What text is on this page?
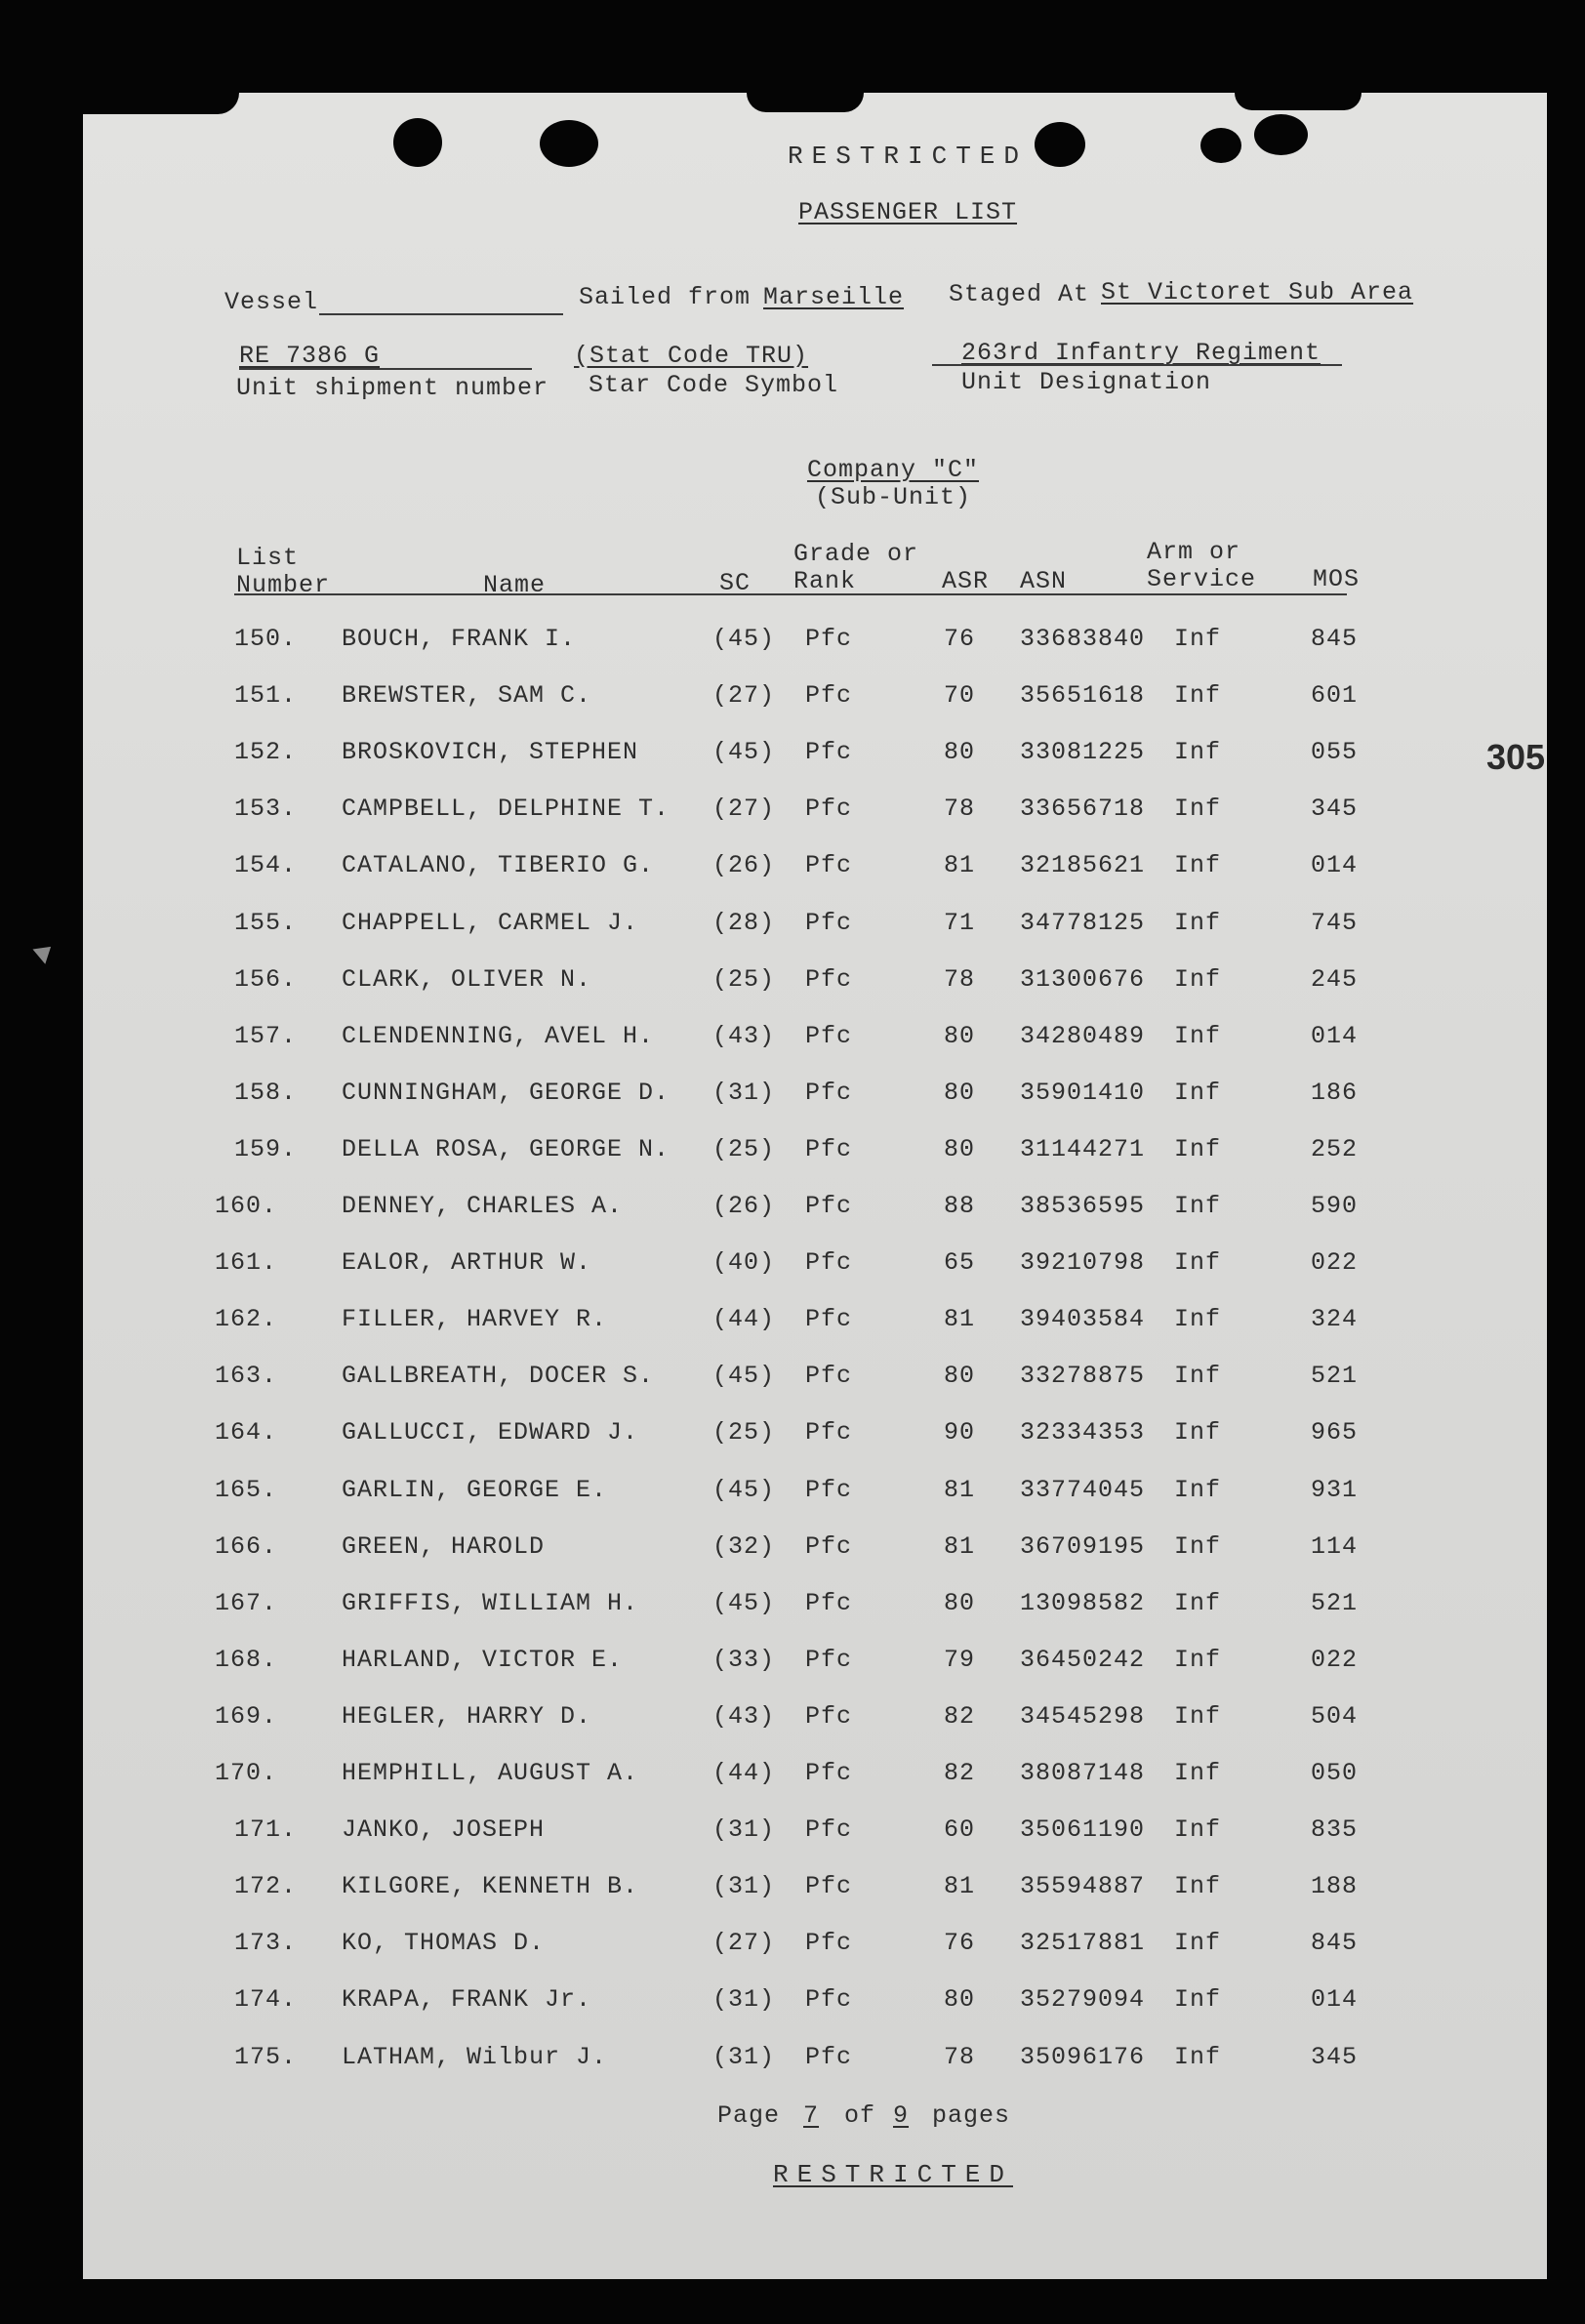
RESTRICTED
PASSENGER LIST
Vessel	Sailed from Marseille Staged At St Victoret Sub Area
RE 7386 G
Unit shipment number
(Stat Code TRU)
Star Code Symbol
263rd Infantry Regiment
Unit Designation
Company "C"
(Sub-Unit)
List
Number	Name	SC
Grade or
Rank	ASR ASN
Arm or
Service MOS
305
150. BOUCH, FRANK I.	(45) Pfc	76 33683840 Inf	845
151. BREWSTER, SAM C.	(27) Pfc	70 35651618 Inf	601
152. BROSKOVICH, STEPHEN	(45) Pfc	80 33081225 Inf	055
153. CAMPBELL, DELPHINE T. (27) Pfc	78 33656718 Inf	345
154. CATALANO, TIBERIO G. (26) Pfc	81 32185621 Inf	014
155. CHAPPELL, CARMEL J.	(28) Pfc	71 34778125 Inf	745
156. CLARK, OLIVER N.	(25) Pfc	78 31300676 Inf	245
157. CLENDENNING, AVEL H. (43) Pfc	80 34280489 Inf	014
158. CUNNINGHAM, GEORGE D. (31) Pfc	80 35901410 Inf	186
159. DELLA ROSA, GEORGE N. (25) Pfc	80 31144271 Inf	252
160.	DENNEY, CHARLES A.	(26) Pfc	88 38536595 Inf	590
161.	EALOR, ARTHUR W.	(40) Pfc	65 39210798 Inf	022
162.	FILLER, HARVEY R.	(44) Pfc	81 39403584 Inf	324
163.	GALLBREATH, DOCER S. (45) Pfc	80 33278875 Inf	521
164.	GALLUCCI, EDWARD J.	(25) Pfc	90 32334353 Inf	965
165.	GARLIN, GEORGE E.	(45) Pfc	81 33774045 Inf	931
166.	GREEN, HAROLD	(32) Pfc	81 36709195 Inf	114
167.	GRIFFIS, WILLIAM H.	(45) Pfc	80 13098582 Inf	521
168.	HARLAND, VICTOR E.	(33) Pfc	79 36450242 Inf	022
169.	HEGLER, HARRY D.	(43) Pfc	82 34545298 Inf	504
170.	HEMPHILL, AUGUST A.	(44) Pfc	82 38087148 Inf	050
171. JANKO, JOSEPH	(31) Pfc	60 35061190 Inf	835
172. KILGORE, KENNETH B.	(31) Pfc	81 35594887 Inf	188
173. KO, THOMAS D.	(27) Pfc	76 32517881 Inf	845
174. KRAPA, FRANK Jr.	(31) Pfc	80 35279094 Inf	014
175. LATHAM, Wilbur J.	(31) Pfc	78 35096176 Inf	345
Page 7 of 9 pages
RESTRICTED
